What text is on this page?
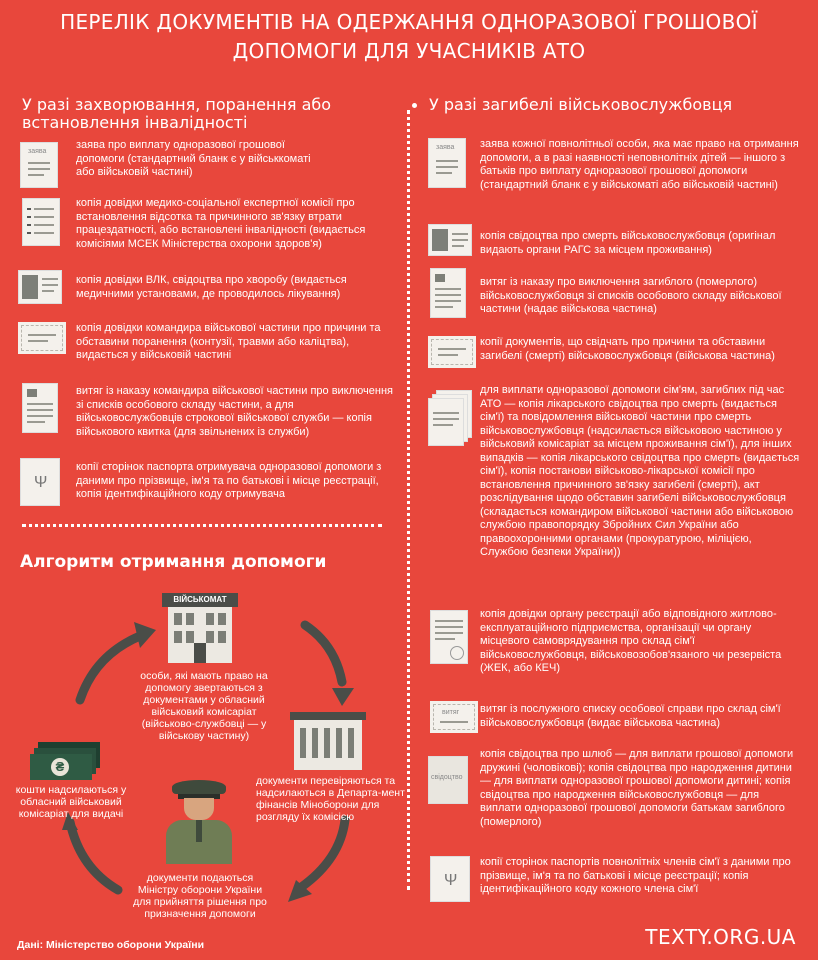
ПЕРЕЛІК ДОКУМЕНТІВ НА ОДЕРЖАННЯ ОДНОРАЗОВОЇ ГРОШОВОЇ
ДОПОМОГИ ДЛЯ УЧАСНИКІВ АТО
У разі захворювання, поранення або
встановлення інвалідності
У разі загибелі військовослужбовця
заява
заява про виплату одноразової грошової допомоги (стандартний бланк є у військкоматі або військовій частині)
копія довідки медико-соціальної експертної комісії про встановлення відсотка та причинного зв'язку втрати працездатності, або встановлені інвалідності (видається комісіями МСЕК Міністерства охорони здоров'я)
копія довідки ВЛК, свідоцтва про хворобу (видається медичними установами, де проводилось лікування)
копія довідки командира військової частини про причини та обставини поранення (контузії, травми або каліцтва), видається у військовій частині
витяг із наказу командира військової частини про виключення зі списків особового складу частини, а для військовослужбовців строкової військової служби — копія військового квитка (для звільнених із служби)
Ψ
копії сторінок паспорта отримувача одноразової допомоги з даними про прізвище, ім'я та по батькові і місце реєстрації, копія ідентифікаційного коду отримувача
заява заява кожної повнолітньої особи, яка має право на отримання допомоги, а в разі наявності неповнолітніх дітей — іншого з батьків про виплату одноразової грошової допомоги (стандартний бланк є у військоматі або військовій частині)
копія свідоцтва про смерть військовослужбовця (оригінал видають органи РАГС за місцем проживання)
витяг із наказу про виключення загиблого (померлого) військовослужбовця зі списків особового складу військової частини (надає військова частина)
копії документів, що свідчать про причини та обставини загибелі (смерті) військовослужбовця (військова частина)
для виплати одноразової допомоги сім'ям, загиблих під час АТО — копія лікарського свідоцтва про смерть (видається сім'ї) та повідомлення військової частини про смерть військовослужбовця (надсилається військовою частиною у військовий комісаріат за місцем проживання сім'ї), для інших випадків — копія лікарського свідоцтва про смерть (видається сім'ї), копія постанови військово-лікарської комісії про встановлення причинного зв'язку загибелі (смерті), акт розслідування щодо обставин загибелі військовослужбовця (складається командиром військової частини або військовою службою правопорядку Збройних Сил України або правоохоронними органами (прокуратурою, міліцією, Службою безпеки України))
копія довідки органу реєстрації або відповідного житлово-експлуатаційного підприємства, організації чи органу місцевого самоврядування про склад сім'ї військовослужбовця, військовозобов'язаного чи резервіста (ЖЕК, або КЕЧ)
витяг витяг із послужного списку особової справи про склад сім'ї військовослужбовця (видає військова частина)
свідоцтво
копія свідоцтва про шлюб — для виплати грошової допомоги дружині (чоловікові); копія свідоцтва про народження дитини — для виплати одноразової грошової допомоги дитині; копія свідоцтва про народження військовослужбовця — для виплати одноразової грошової допомоги батькам загиблого (померлого)
Ψ
копії сторінок паспортів повнолітніх членів сім'ї з даними про прізвище, ім'я та по батькові і місце реєстрації; копія ідентифікаційного коду кожного члена сім'ї
Алгоритм отримання допомоги
ВІЙСЬКОМАТ
особи, які мають право на допомогу звертаються з документами у обласний військовий комісаріат (військово-службовці — у військову частину)
документи перевіряються та надсилаються в Департа-мент фінансів Міноборони для розгляду їх комісією
документи подаються Міністру оборони України для прийняття рішення про призначення допомоги
₴
кошти надсилаються у обласний військовий комісаріат для видачі
Дані: Міністерство оборони України	TEXTY.ORG.UA
